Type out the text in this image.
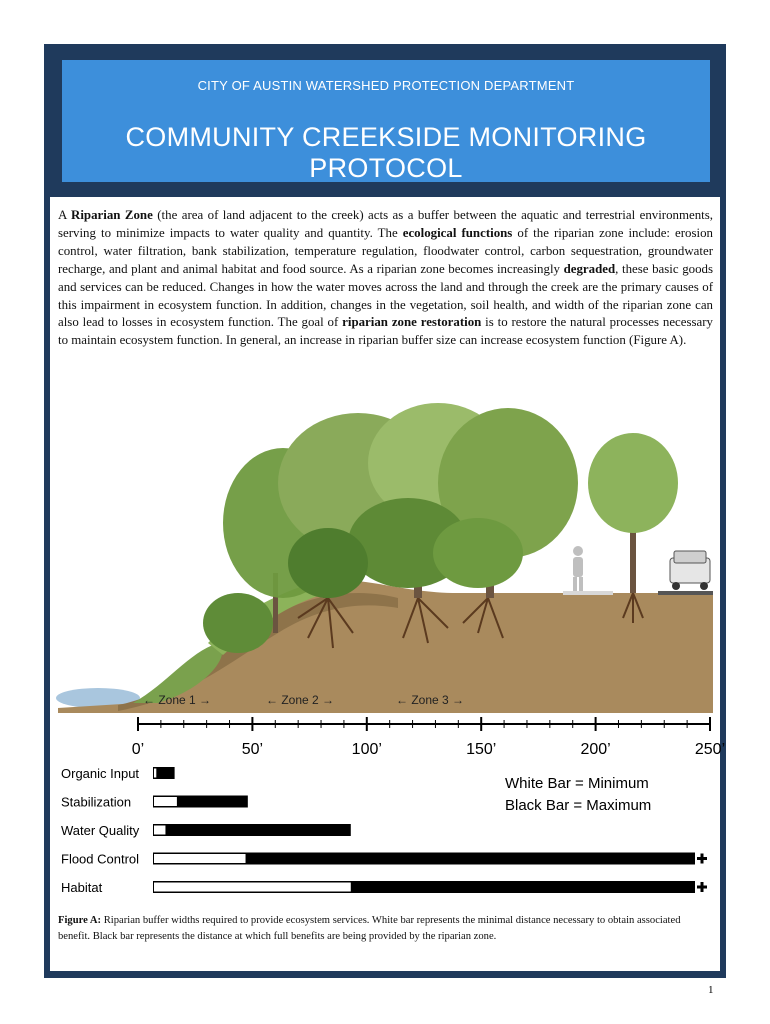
CITY OF AUSTIN WATERSHED PROTECTION DEPARTMENT
COMMUNITY CREEKSIDE MONITORING PROTOCOL
A Riparian Zone (the area of land adjacent to the creek) acts as a buffer between the aquatic and terrestrial environments, serving to minimize impacts to water quality and quantity. The ecological functions of the riparian zone include: erosion control, water filtration, bank stabilization, temperature regulation, floodwater control, carbon sequestration, groundwater recharge, and plant and animal habitat and food source. As a riparian zone becomes increasingly degraded, these basic goods and services can be reduced. Changes in how the water moves across the land and through the creek are the primary causes of this impairment in ecosystem function. In addition, changes in the vegetation, soil health, and width of the riparian zone can also lead to losses in ecosystem function. The goal of riparian zone restoration is to restore the natural processes necessary to maintain ecosystem function. In general, an increase in riparian buffer size can increase ecosystem function (Figure A).
← Zone 1 →	← Zone 2 →	← Zone 3 →
0’	50’	100’	150’	200’	250’
Organic Input
Stabilization
Water Quality
Flood Control
Habitat
White Bar = Minimum
Black Bar = Maximum
Figure A: Riparian buffer widths required to provide ecosystem services. White bar represents the minimal distance necessary to obtain associated benefit. Black bar represents the distance at which full benefits are being provided by the riparian zone.
1
